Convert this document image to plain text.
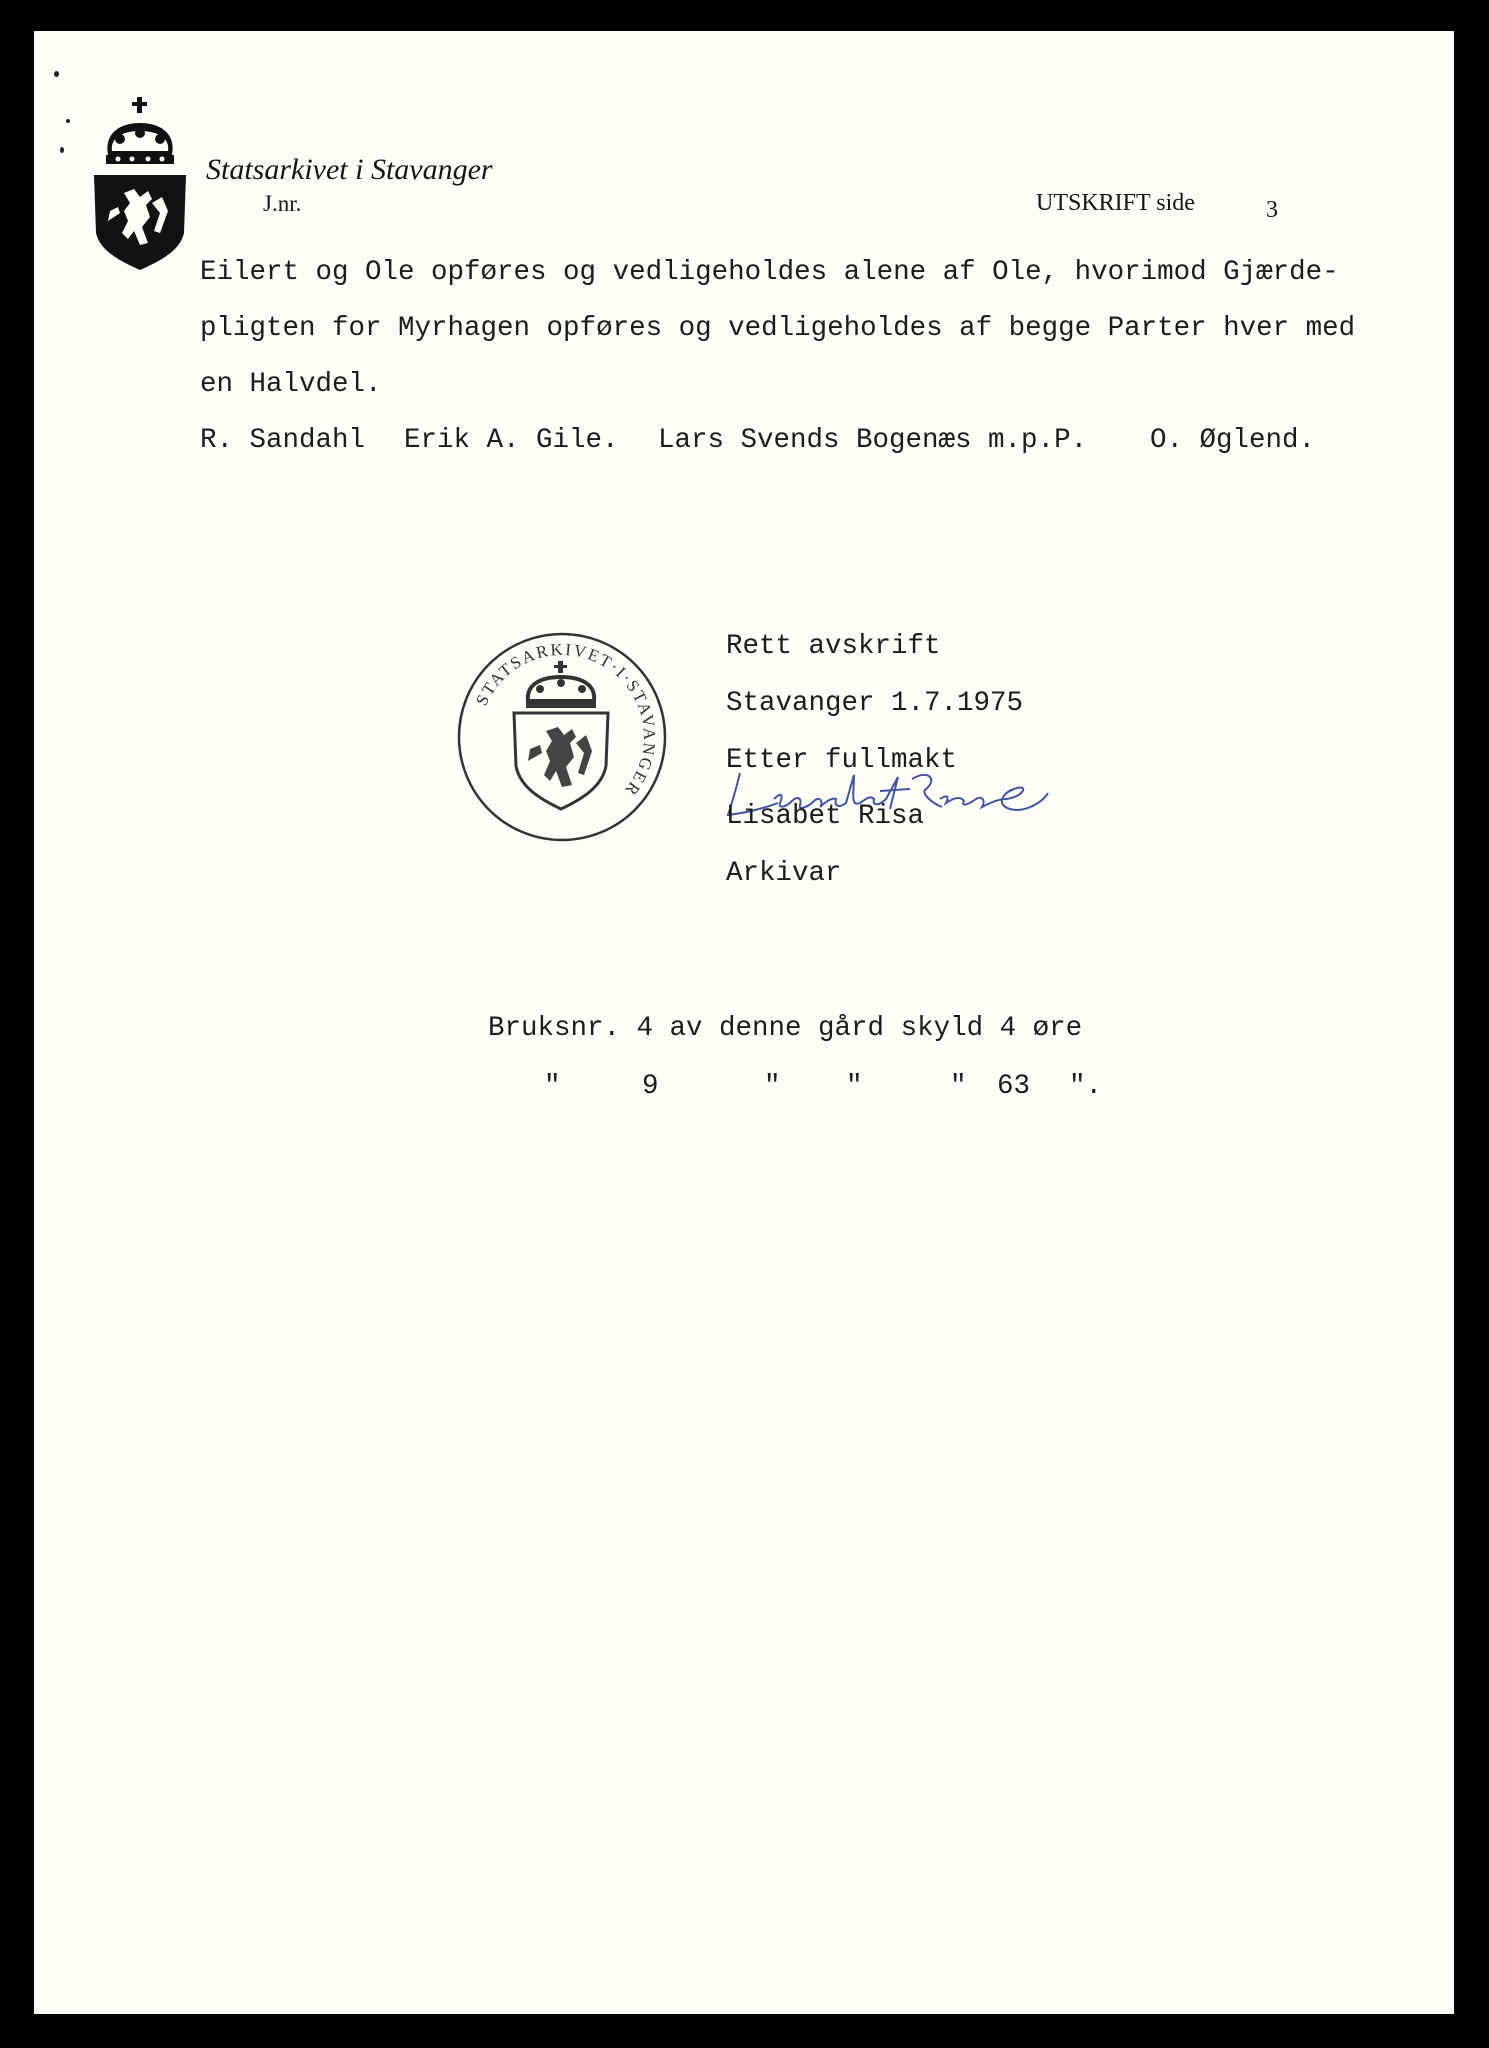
Statsarkivet i Stavanger
J.nr.	UTSKRIFT side	3
Eilert og Ole opføres og vedligeholdes alene af Ole, hvorimod Gjærde-
pligten for Myrhagen opføres og vedligeholdes af begge Parter hver med
en Halvdel.
R. Sandahl Erik A. Gile. Lars Svends Bogenæs m.p.P. O. Øglend.
STATSARKIVET·I·STAVANGER
Rett avskrift
Stavanger 1.7.1975
Etter fullmakt
Lisabet Risa
Arkivar
Bruksnr. 4 av denne gård skyld 4 øre
"	9	" "	" 63 ".
